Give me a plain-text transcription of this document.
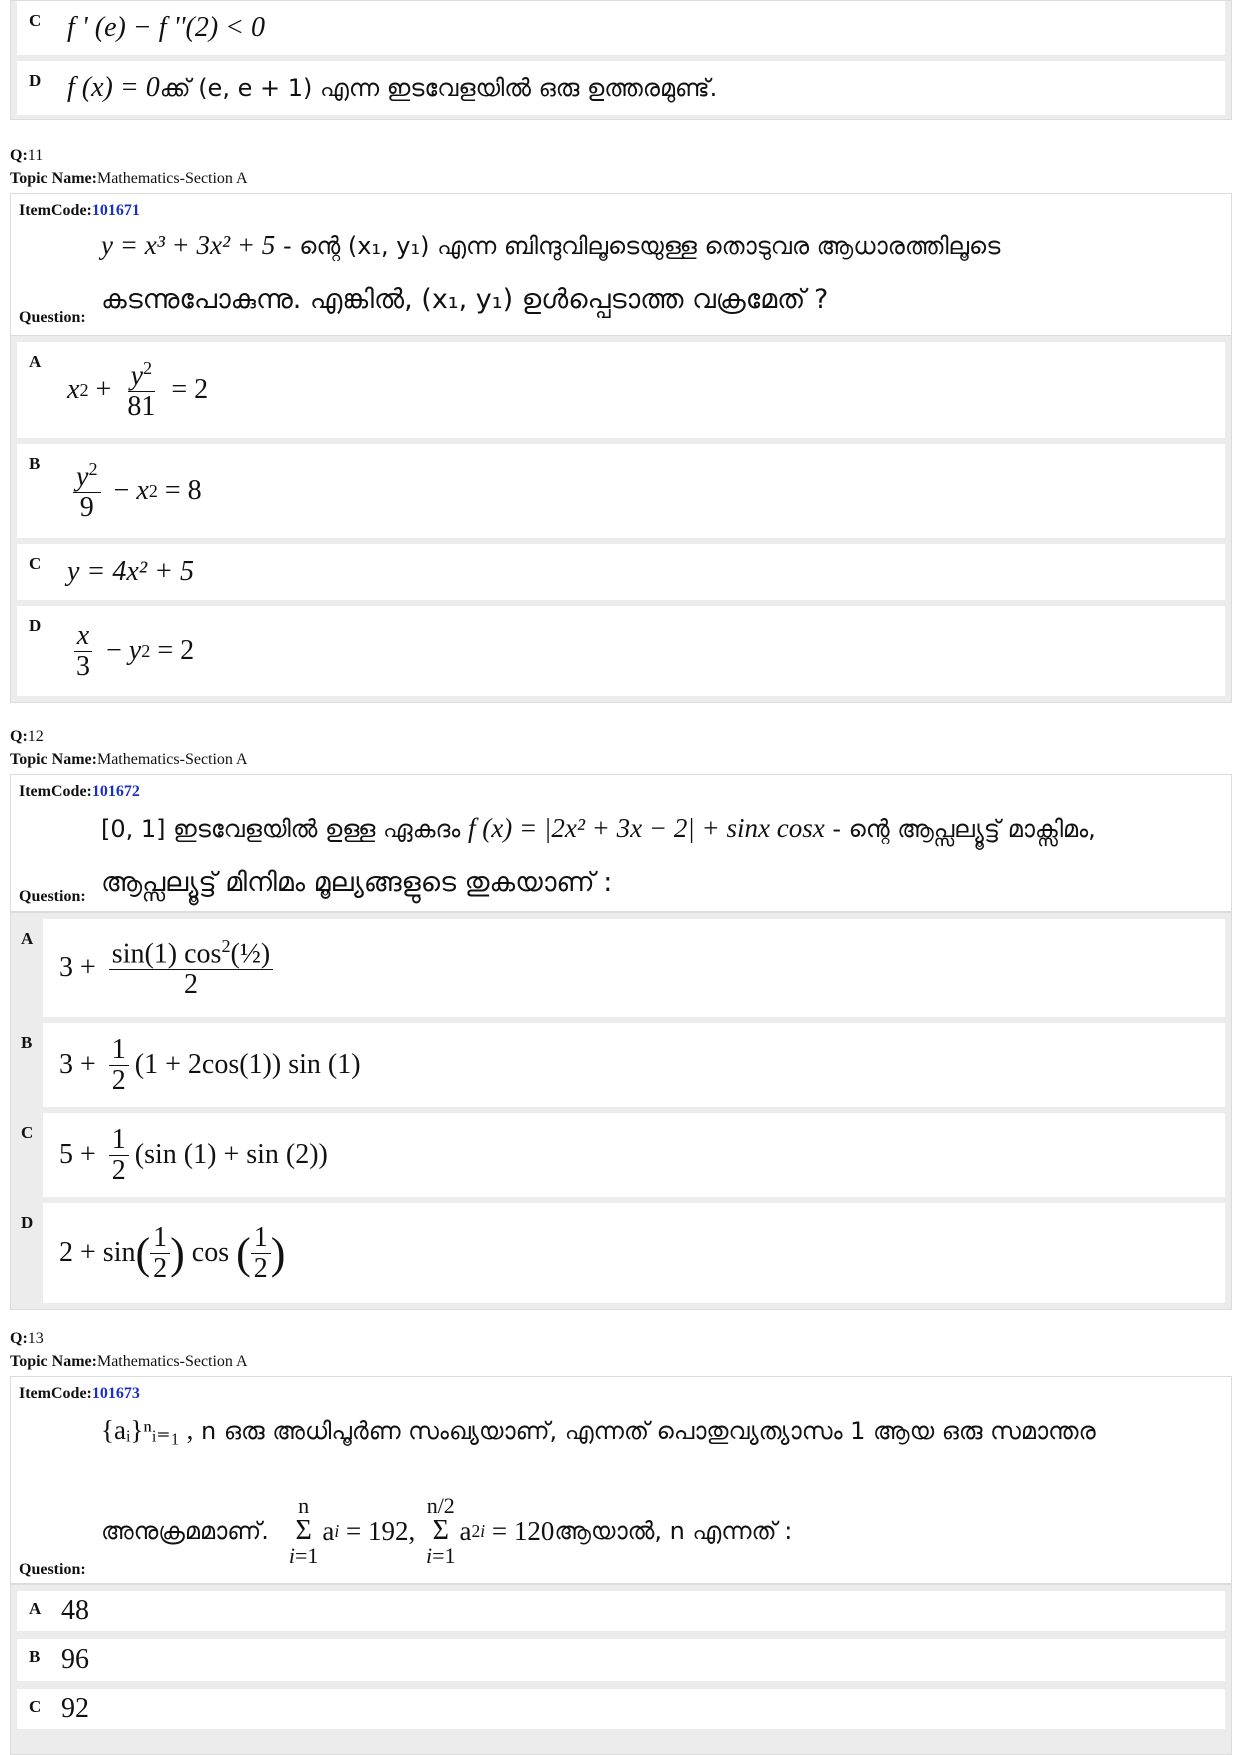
C f ' (e) − f ''(2) < 0
D f (x) = 0 ക്ക് (e, e + 1) എന്ന ഇടവേളയിൽ ഒരു ഉത്തരമുണ്ട്.
Q:11
Topic Name:Mathematics-Section A
ItemCode:101671
y = x³ + 3x² + 5 - ന്റെ (x₁, y₁) എന്ന ബിന്ദുവിലൂടെയുള്ള തൊടുവര ആധാരത്തിലൂടെ
കടന്നുപോകുന്നു. എങ്കിൽ, (x₁, y₁) ഉൾപ്പെടാത്ത വക്രമേത് ?
Question:
A
x $2 + \frac{y^2}{81} = 2$
B $\frac{y^2}{9} - x$ 2 = 8
C y = 4x² + 5
D $\frac{x}{3} - y$ 2 = 2
Q:12
Topic Name:Mathematics-Section A
ItemCode:101672
[0, 1] ഇടവേളയിൽ ഉള്ള ഏകദം f (x) = |2x² + 3x − 2| + sinx cosx - ന്റെ ആപ്സല്യൂട്ട് മാക്സിമം,
ആപ്സല്യൂട്ട് മിനിമം മൂല്യങ്ങളുടെ തുകയാണ് :
Question:
A
$3 + \frac{\sin(1) \cos^2(\frac{1}{2})}{2}$
B
$3 + \frac{1}{2} (1 + 2\cos(1))$ sin (1)
C
$5 + \frac{1}{2} (\sin$ (1) + sin (2))
D
2 + sin ( $\frac{1}{2}$ ) cos ( $\frac{1}{2}$ )
Q:13
Topic Name:Mathematics-Section A
ItemCode:101673
{aᵢ}ⁿᵢ₌₁ , n ഒരു അധിപൂർണ സംഖ്യയാണ്, എന്നത് പൊതുവ്യത്യാസം 1 ആയ ഒരു സമാന്തര
അനുക്രമമാണ്.
n
Σ
i=1
a i = 192,
n/2
Σ
i=1
a 2i = 120 ആയാൽ, n എന്നത് :
Question:
A 48
B 96
C 92
